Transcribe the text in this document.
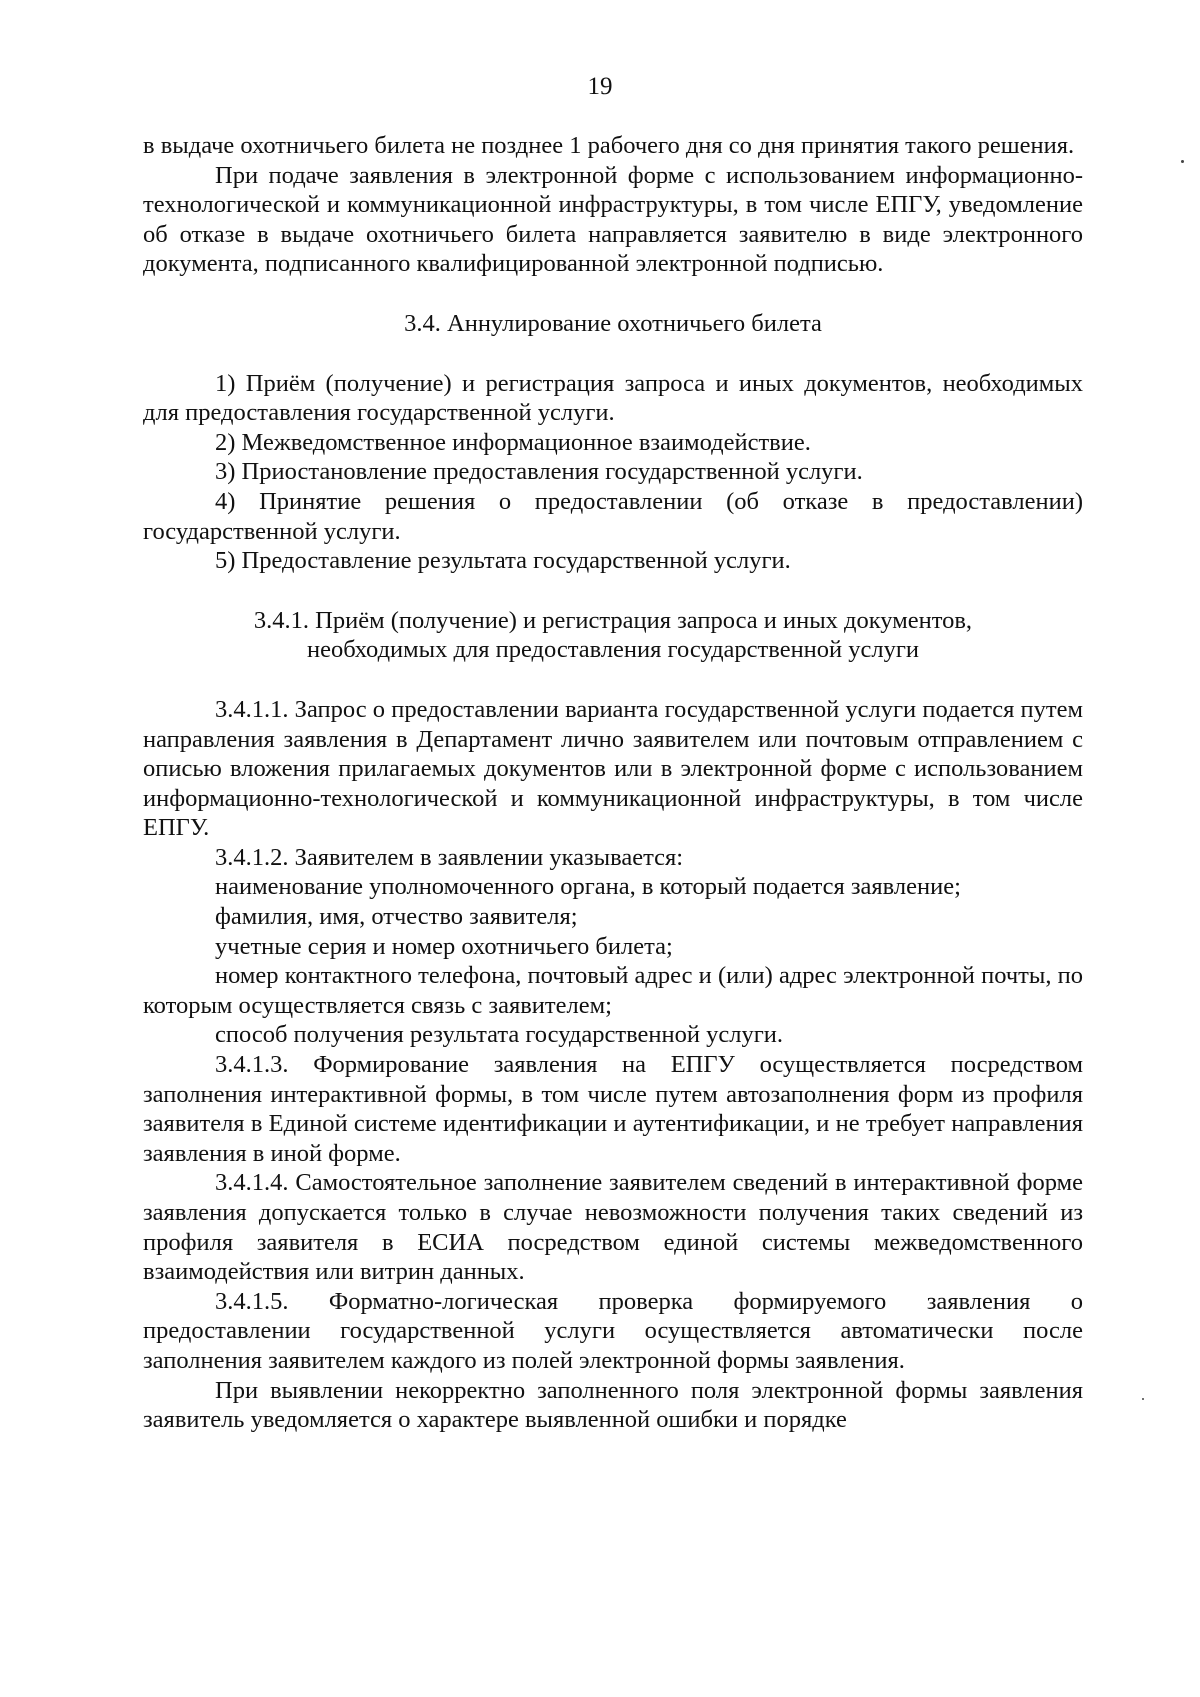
19

в выдаче охотничьего билета не позднее 1 рабочего дня со дня принятия такого решения.

При подаче заявления в электронной форме с использованием информационно-технологической и коммуникационной инфраструктуры, в том числе ЕПГУ, уведомление об отказе в выдаче охотничьего билета направляется заявителю в виде электронного документа, подписанного квалифицированной электронной подписью.

3.4. Аннулирование охотничьего билета

1) Приём (получение) и регистрация запроса и иных документов, необходимых для предоставления государственной услуги.

2) Межведомственное информационное взаимодействие.

3) Приостановление предоставления государственной услуги.

4) Принятие решения о предоставлении (об отказе в предоставлении) государственной услуги.

5) Предоставление результата государственной услуги.

3.4.1. Приём (получение) и регистрация запроса и иных документов,

необходимых для предоставления государственной услуги

3.4.1.1. Запрос о предоставлении варианта государственной услуги подается путем направления заявления в Департамент лично заявителем или почтовым отправлением с описью вложения прилагаемых документов или в электронной форме с использованием информационно-технологической и коммуникационной инфраструктуры, в том числе ЕПГУ.

3.4.1.2. Заявителем в заявлении указывается:

наименование уполномоченного органа, в который подается заявление;

фамилия, имя, отчество заявителя;

учетные серия и номер охотничьего билета;

номер контактного телефона, почтовый адрес и (или) адрес электронной почты, по которым осуществляется связь с заявителем;

способ получения результата государственной услуги.

3.4.1.3. Формирование заявления на ЕПГУ осуществляется посредством заполнения интерактивной формы, в том числе путем автозаполнения форм из профиля заявителя в Единой системе идентификации и аутентификации, и не требует направления заявления в иной форме.

3.4.1.4. Самостоятельное заполнение заявителем сведений в интерактивной форме заявления допускается только в случае невозможности получения таких сведений из профиля заявителя в ЕСИА посредством единой системы межведомственного взаимодействия или витрин данных.

3.4.1.5. Форматно-логическая проверка формируемого заявления о предоставлении государственной услуги осуществляется автоматически после заполнения заявителем каждого из полей электронной формы заявления.

При выявлении некорректно заполненного поля электронной формы заявления заявитель уведомляется о характере выявленной ошибки и порядке
